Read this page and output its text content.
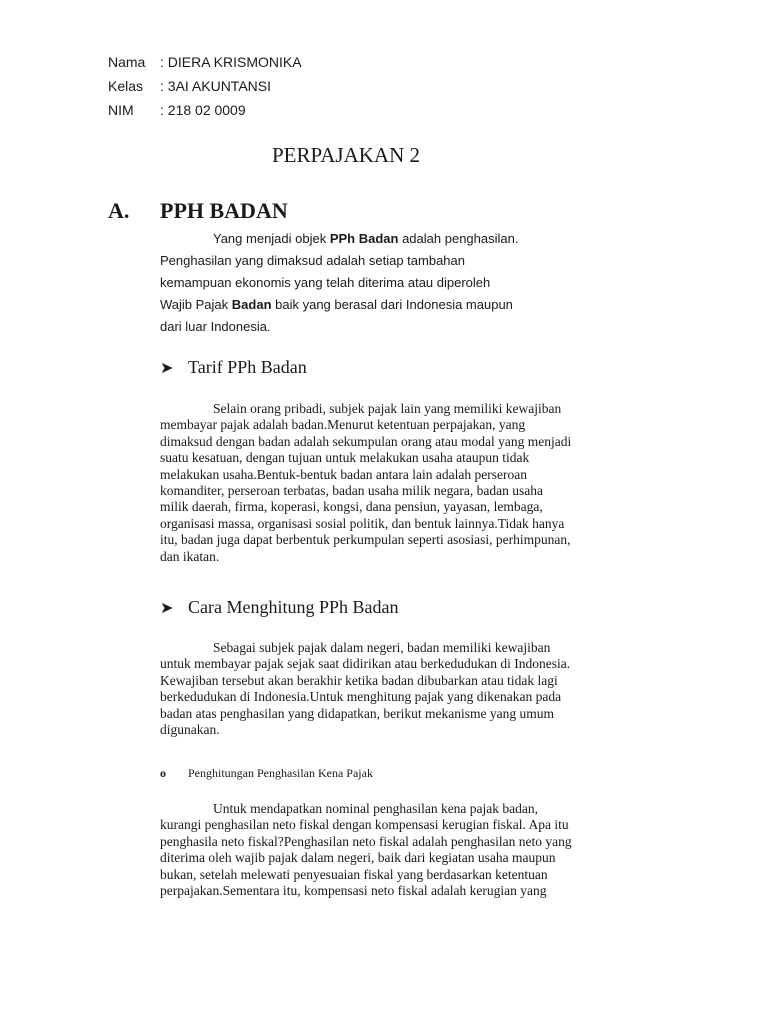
Nama	: DIERA KRISMONIKA
Kelas	: 3AI AKUNTANSI
NIM	: 218 02 0009
PERPAJAKAN 2
A. PPH BADAN
Yang menjadi objek PPh Badan adalah penghasilan.
Penghasilan yang dimaksud adalah setiap tambahan
kemampuan ekonomis yang telah diterima atau diperoleh
Wajib Pajak Badan baik yang berasal dari Indonesia maupun
dari luar Indonesia.
➤ Tarif PPh Badan
Selain orang pribadi, subjek pajak lain yang memiliki kewajiban
membayar pajak adalah badan.Menurut ketentuan perpajakan, yang
dimaksud dengan badan adalah sekumpulan orang atau modal yang menjadi
suatu kesatuan, dengan tujuan untuk melakukan usaha ataupun tidak
melakukan usaha.Bentuk-bentuk badan antara lain adalah perseroan
komanditer, perseroan terbatas, badan usaha milik negara, badan usaha
milik daerah, firma, koperasi, kongsi, dana pensiun, yayasan, lembaga,
organisasi massa, organisasi sosial politik, dan bentuk lainnya.Tidak hanya
itu, badan juga dapat berbentuk perkumpulan seperti asosiasi, perhimpunan,
dan ikatan.
➤ Cara Menghitung PPh Badan
Sebagai subjek pajak dalam negeri, badan memiliki kewajiban
untuk membayar pajak sejak saat didirikan atau berkedudukan di Indonesia.
Kewajiban tersebut akan berakhir ketika badan dibubarkan atau tidak lagi
berkedudukan di Indonesia.Untuk menghitung pajak yang dikenakan pada
badan atas penghasilan yang didapatkan, berikut mekanisme yang umum
digunakan.
o	Penghitungan Penghasilan Kena Pajak
Untuk mendapatkan nominal penghasilan kena pajak badan,
kurangi penghasilan neto fiskal dengan kompensasi kerugian fiskal. Apa itu
penghasila neto fiskal?Penghasilan neto fiskal adalah penghasilan neto yang
diterima oleh wajib pajak dalam negeri, baik dari kegiatan usaha maupun
bukan, setelah melewati penyesuaian fiskal yang berdasarkan ketentuan
perpajakan.Sementara itu, kompensasi neto fiskal adalah kerugian yang
